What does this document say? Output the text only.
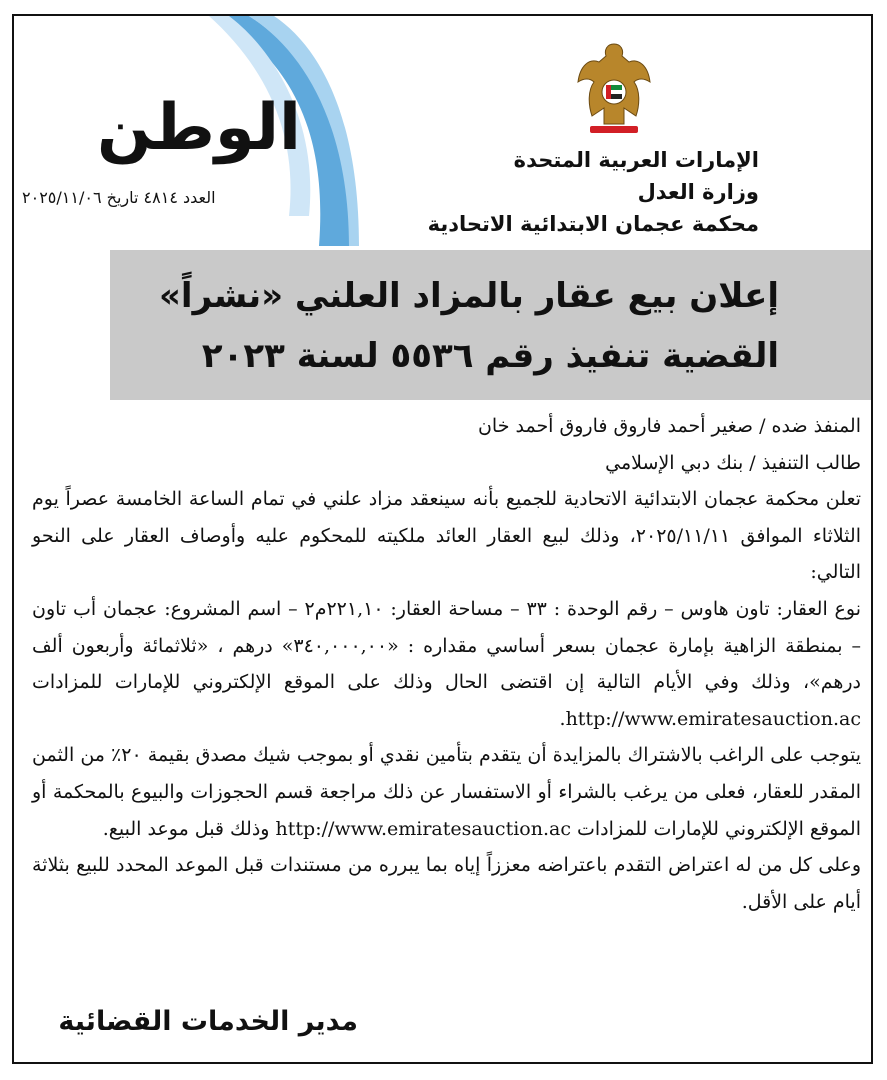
الوطن
العدد ٤٨١٤ تاريخ ٢٠٢٥/١١/٠٦
الإمارات العربية المتحدة
وزارة العدل
محكمة عجمان الابتدائية الاتحادية
إعلان بيع عقار بالمزاد العلني «نشراً»
القضية تنفيذ رقم ٥٥٣٦ لسنة ٢٠٢٣

المنفذ ضده / صغير أحمد فاروق فاروق أحمد خان

طالب التنفيذ / بنك دبي الإسلامي

تعلن محكمة عجمان الابتدائية الاتحادية للجميع بأنه سينعقد مزاد علني في تمام الساعة الخامسة عصراً يوم الثلاثاء الموافق ٢٠٢٥/١١/١١، وذلك لبيع العقار العائد ملكيته للمحكوم عليه وأوصاف العقار على النحو التالي:

نوع العقار: تاون هاوس – رقم الوحدة : ٣٣ – مساحة العقار: ٢٢١,١٠م٢ – اسم المشروع: عجمان أب تاون – بمنطقة الزاهية بإمارة عجمان بسعر أساسي مقداره : «٣٤٠,٠٠٠,٠٠» درهم ، «ثلاثمائة وأربعون ألف درهم»، وذلك وفي الأيام التالية إن اقتضى الحال وذلك على الموقع الإلكتروني للإمارات للمزادات http://www.emiratesauction.ac.

يتوجب على الراغب بالاشتراك بالمزايدة أن يتقدم بتأمين نقدي أو بموجب شيك مصدق بقيمة ٢٠٪ من الثمن المقدر للعقار، فعلى من يرغب بالشراء أو الاستفسار عن ذلك مراجعة قسم الحجوزات والبيوع بالمحكمة أو الموقع الإلكتروني للإمارات للمزادات http://www.emiratesauction.ac وذلك قبل موعد البيع.

وعلى كل من له اعتراض التقدم باعتراضه معززاً إياه بما يبرره من مستندات قبل الموعد المحدد للبيع بثلاثة أيام على الأقل.

مدير الخدمات القضائية
